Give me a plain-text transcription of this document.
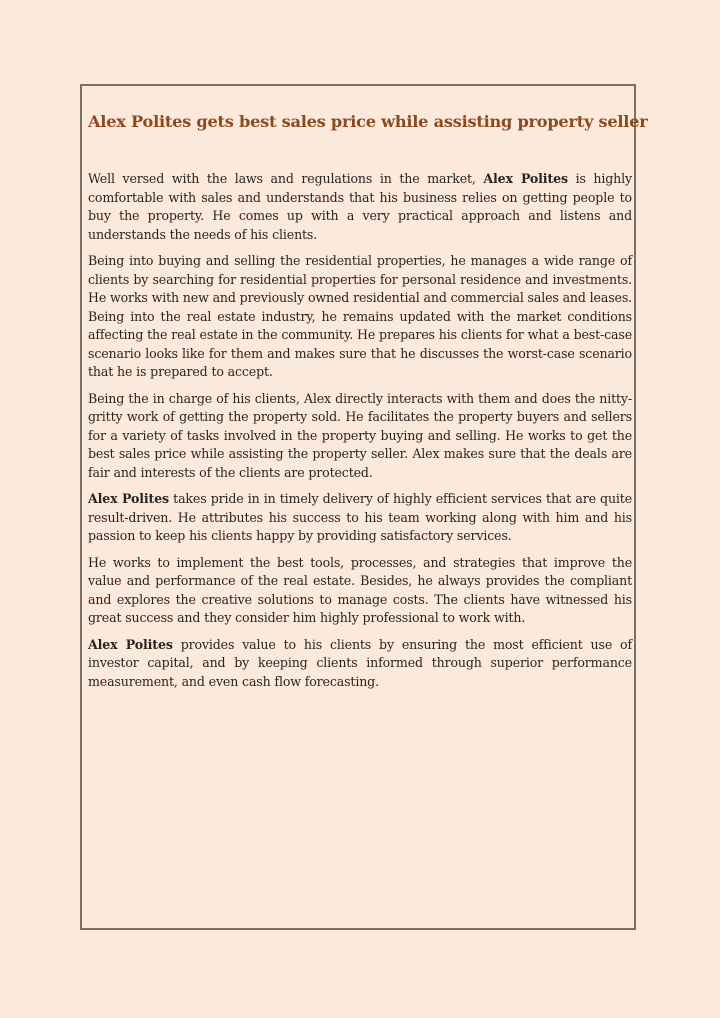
Alex Polites gets best sales price while assisting property seller

Well versed with the laws and regulations in the market, Alex Polites is highly comfortable with sales and understands that his business relies on getting people to buy the property. He comes up with a very practical approach and listens and understands the needs of his clients.

Being into buying and selling the residential properties, he manages a wide range of clients by searching for residential properties for personal residence and investments. He works with new and previously owned residential and commercial sales and leases. Being into the real estate industry, he remains updated with the market conditions affecting the real estate in the community. He prepares his clients for what a best-case scenario looks like for them and makes sure that he discusses the worst-case scenario that he is prepared to accept.

Being the in charge of his clients, Alex directly interacts with them and does the nitty-gritty work of getting the property sold. He facilitates the property buyers and sellers for a variety of tasks involved in the property buying and selling. He works to get the best sales price while assisting the property seller. Alex makes sure that the deals are fair and interests of the clients are protected.

Alex Polites takes pride in in timely delivery of highly efficient services that are quite result-driven. He attributes his success to his team working along with him and his passion to keep his clients happy by providing satisfactory services.

He works to implement the best tools, processes, and strategies that improve the value and performance of the real estate. Besides, he always provides the compliant and explores the creative solutions to manage costs. The clients have witnessed his great success and they consider him highly professional to work with.

Alex Polites provides value to his clients by ensuring the most efficient use of investor capital, and by keeping clients informed through superior performance measurement, and even cash flow forecasting.
